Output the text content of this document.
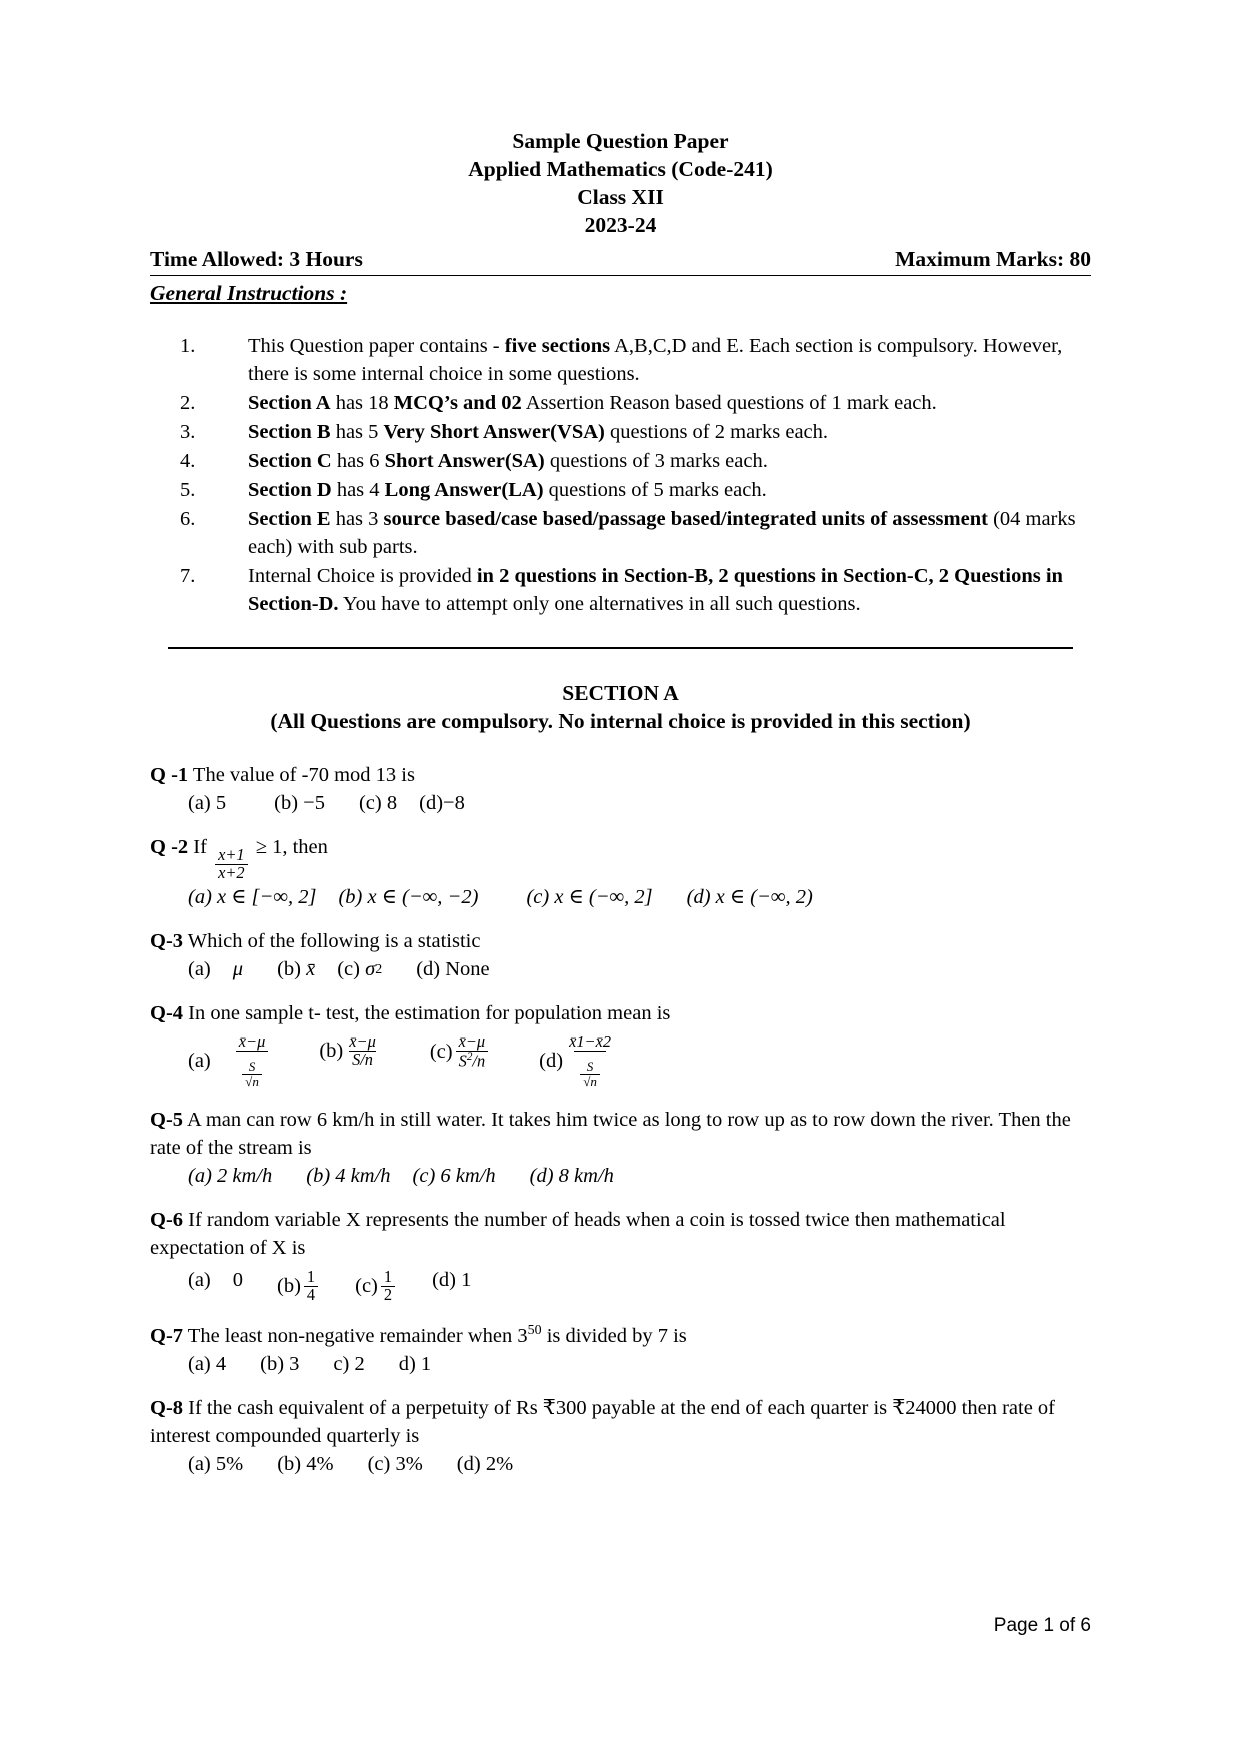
Sample Question Paper
Applied Mathematics (Code-241)
Class XII
2023-24
Time Allowed: 3 Hours	Maximum Marks: 80
General Instructions :
1.	This Question paper contains - five sections A,B,C,D and E. Each section is compulsory. However, there is some internal choice in some questions.
2.	Section A has 18 MCQ’s and 02 Assertion Reason based questions of 1 mark each.
3.	Section B has 5 Very Short Answer(VSA) questions of 2 marks each.
4.	Section C has 6 Short Answer(SA) questions of 3 marks each.
5.	Section D has 4 Long Answer(LA) questions of 5 marks each.
6.	Section E has 3 source based/case based/passage based/integrated units of assessment (04 marks each) with sub parts.
7.	Internal Choice is provided in 2 questions in Section-B, 2 questions in Section-C, 2 Questions in Section-D. You have to attempt only one alternatives in all such questions.
SECTION A
(All Questions are compulsory. No internal choice is provided in this section)
Q -1 The value of -70 mod 13 is
(a) 5 (b) −5 (c) 8 (d)−8
Q -2 If
$\frac{x+1}{x+2}$
≥ 1, then
(a) x ∈ [−∞, 2] (b) x ∈ (−∞, −2) (c) x ∈ (−∞, 2] (d) x ∈ (−∞, 2)
Q-3 Which of the following is a statistic
(a) μ (b)
x̄ (c)
σ 2 (d)
None
Q-4 In one sample t- test, the estimation for population mean is
$(a) \frac{x̄-\mu}{\frac{S}{√n}} (b) \frac{x̄-\mu}{S/n} (c) \frac{x̄-\mu}{S^2/n} (d) \frac{x̄1-x̄2}{\frac{S}{√n}}$
Q-5 A man can row 6 km/h in still water. It takes him twice as long to row up as to row down the river. Then the rate of the stream is
(a) 2 km/h (b) 4 km/h (c) 6 km/h (d) 8 km/h
Q-6 If random variable X represents the number of heads when a coin is tossed twice then mathematical expectation of X is
(a) 0 $(b) \frac{1}{4} (c) \frac{1}{2} (d)$
1
Q-7 The least non-negative remainder when $3^{50}$ is divided by 7 is
(a) 4 (b) 3 c) 2 d) 1
Q-8 If the cash equivalent of a perpetuity of Rs ₹300 payable at the end of each quarter is ₹24000 then rate of interest compounded quarterly is
(a) 5% (b) 4% (c) 3% (d) 2%
Page 1 of 6
